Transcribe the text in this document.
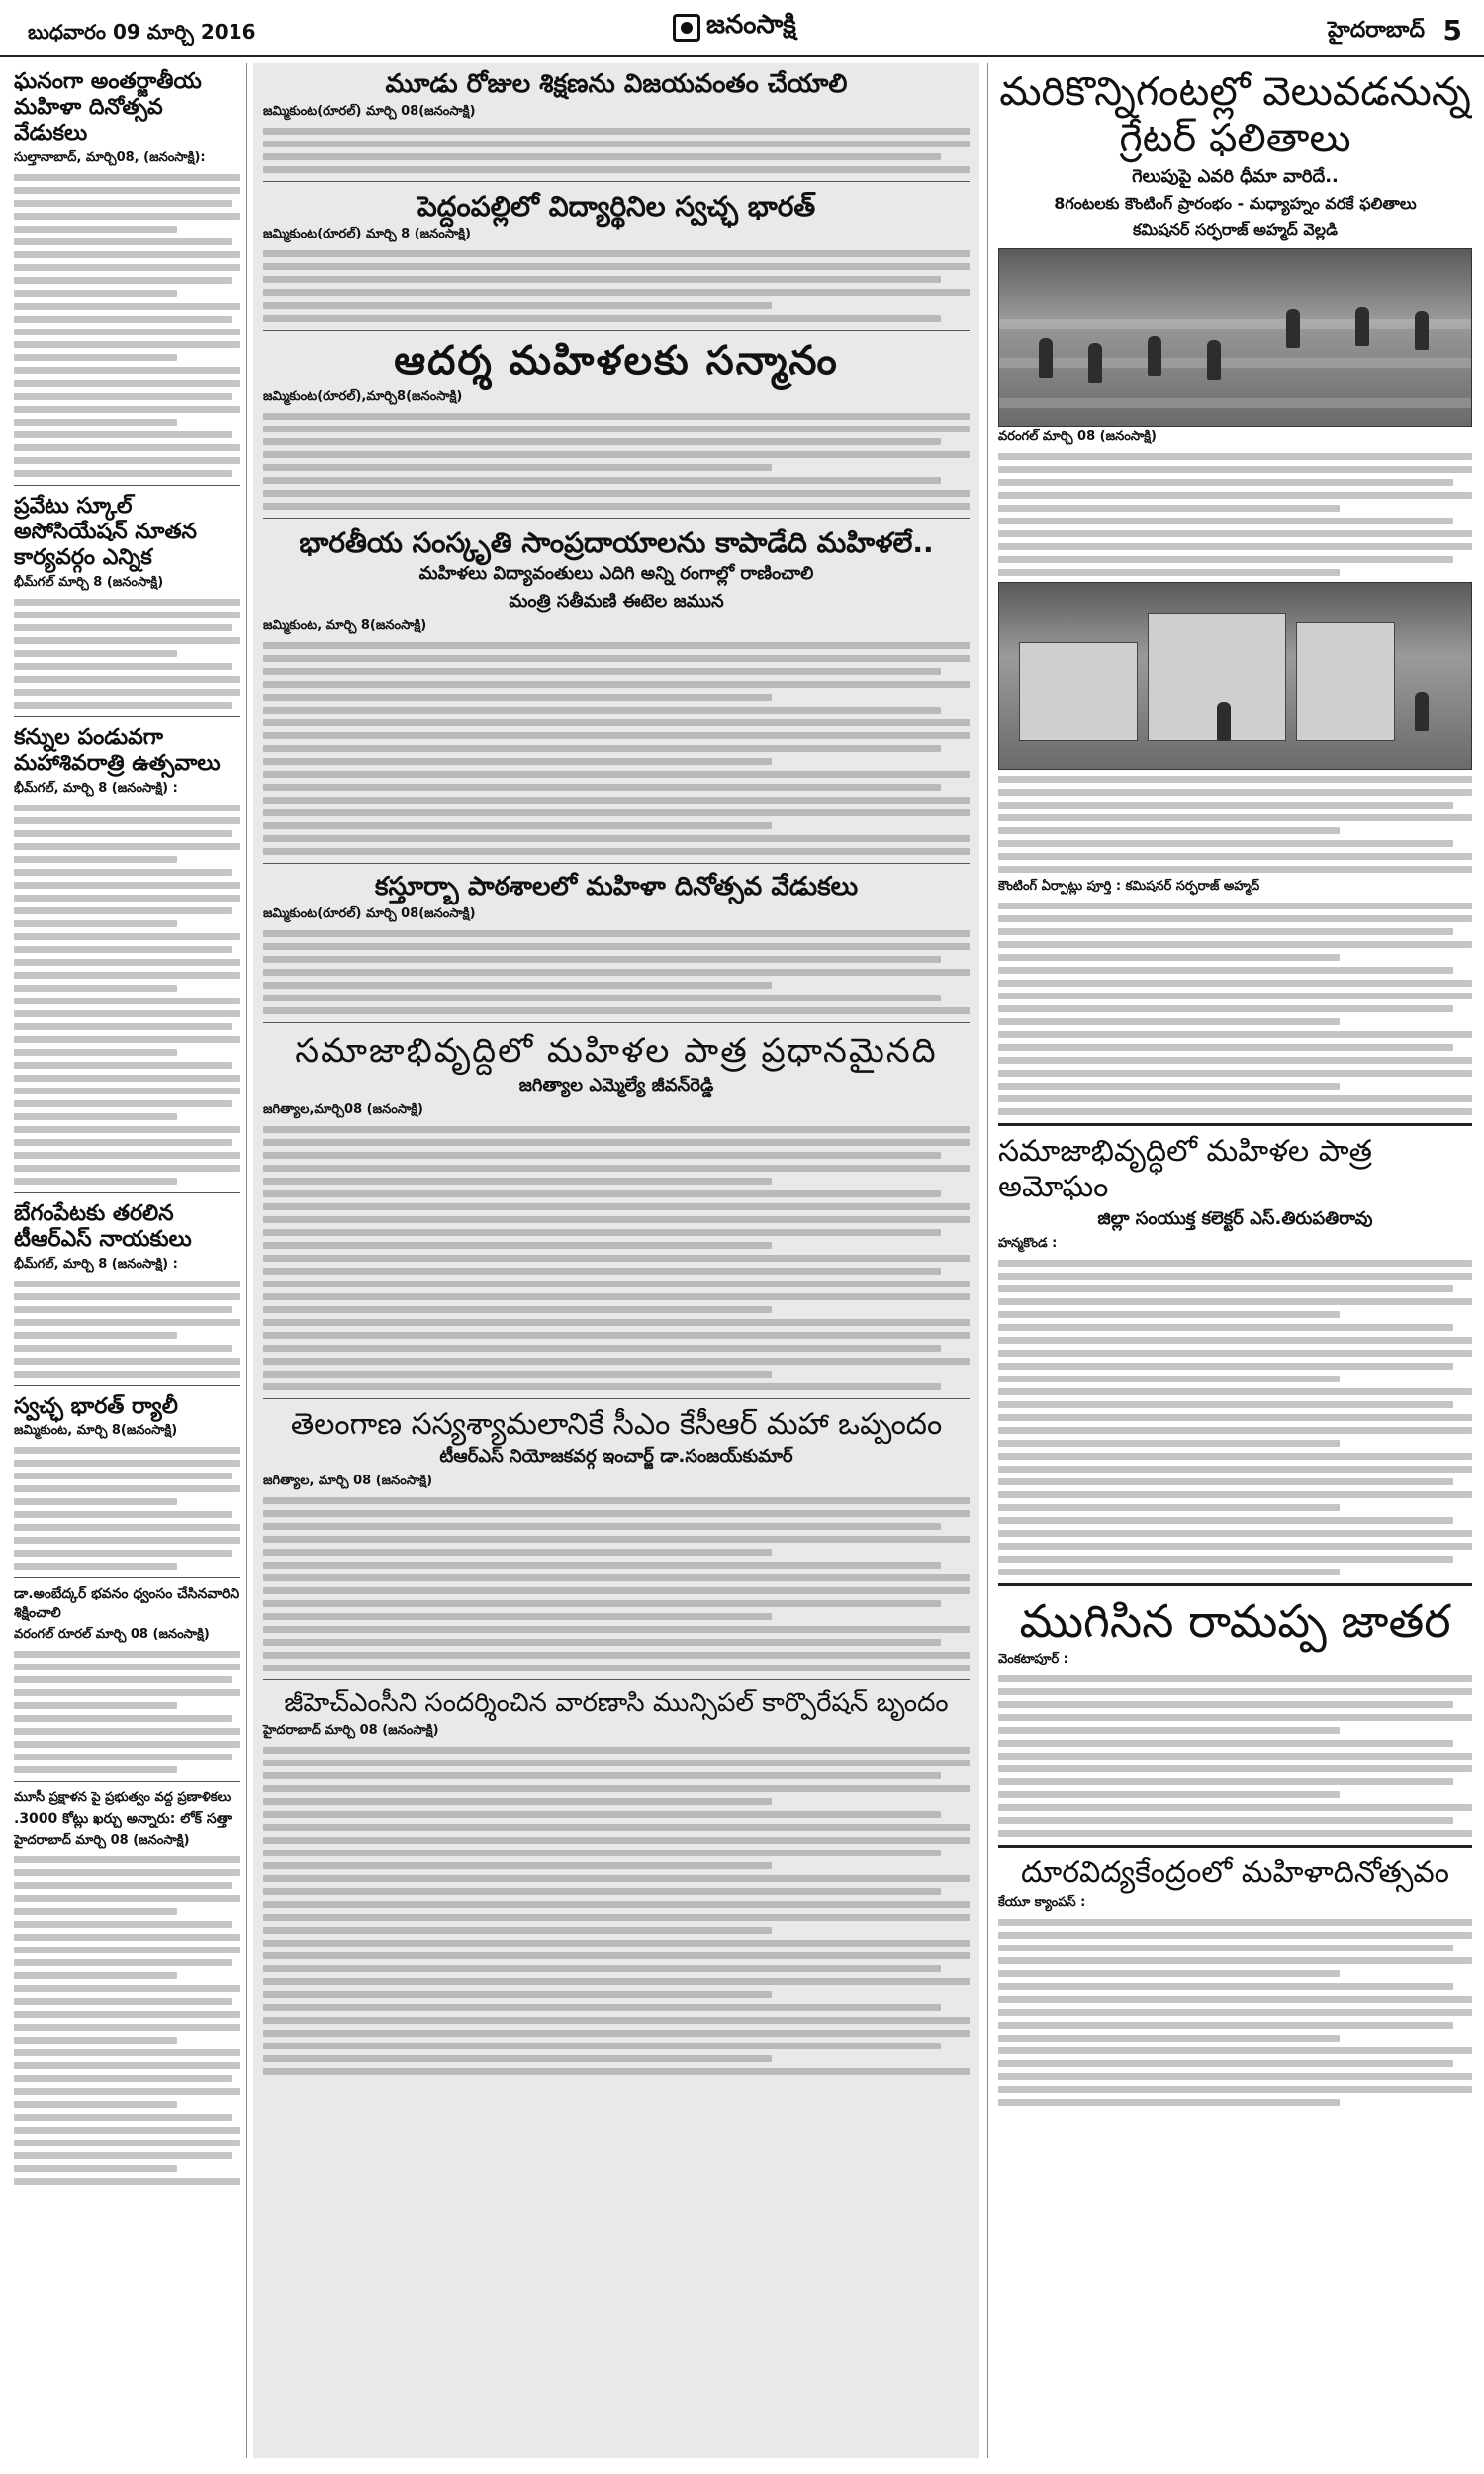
బుధవారం 09 మార్చి 2016	జనంసాక్షి	హైదరాబాద్ 5
ఘనంగా అంతర్జాతీయ మహిళా దినోత్సవ వేడుకలు
సుల్తానాబాద్, మార్చి08, (జనంసాక్షి):
ప్రవేటు స్కూల్ అసోసియేషన్ నూతన కార్యవర్గం ఎన్నిక
భీమ్‌గల్ మార్చి 8 (జనంసాక్షి)
కన్నుల పండువగా మహాశివరాత్రి ఉత్సవాలు
భీమ్‌గల్, మార్చి 8 (జనంసాక్షి) :
బేగంపేటకు తరలిన టీఆర్ఎస్ నాయకులు
భీమ్‌గల్, మార్చి 8 (జనంసాక్షి) :
స్వచ్ఛ భారత్ ర్యాలీ
జమ్మికుంట, మార్చి 8(జనంసాక్షి)
డా.అంబేద్కర్ భవనం ధ్వంసం చేసినవారిని శిక్షించాలి
వరంగల్ రూరల్ మార్చి 08 (జనంసాక్షి)
మూసీ ప్రక్షాళన పై ప్రభుత్వం వద్ద ప్రణాళికలు
.3000 కోట్లు ఖర్చు అన్నారు: లోక్ సత్తా
హైదరాబాద్ మార్చి 08 (జనంసాక్షి)
మూడు రోజుల శిక్షణను విజయవంతం చేయాలి
జమ్మికుంట(రూరల్) మార్చి 08(జనంసాక్షి)
పెద్దంపల్లిలో విద్యార్థినిల స్వచ్ఛ భారత్
జమ్మికుంట(రూరల్) మార్చి 8 (జనంసాక్షి)
ఆదర్శ మహిళలకు సన్మానం
జమ్మికుంట(రూరల్),మార్చి8(జనంసాక్షి)
భారతీయ సంస్కృతి సాంప్రదాయాలను కాపాడేది మహిళలే..
మహిళలు విద్యావంతులు ఎదిగి అన్ని రంగాల్లో రాణించాలి
మంత్రి సతీమణి ఈటెల జమున
జమ్మికుంట, మార్చి 8(జనంసాక్షి)
కస్తూర్బా పాఠశాలలో మహిళా దినోత్సవ వేడుకలు
జమ్మికుంట(రూరల్) మార్చి 08(జనంసాక్షి)
సమాజాభివృద్దిలో మహిళల పాత్ర ప్రధానమైనది
జగిత్యాల ఎమ్మెల్యే జీవన్‌రెడ్డి
జగిత్యాల,మార్చి08 (జనంసాక్షి)
తెలంగాణ సస్యశ్యామలానికే సీఎం కేసీఆర్ మహా ఒప్పందం
టీఆర్ఎస్ నియోజకవర్గ ఇంచార్జ్ డా.సంజయ్‌కుమార్
జగిత్యాల, మార్చి 08 (జనంసాక్షి)
జీహెచ్ఎంసీని సందర్శించిన వారణాసి మున్సిపల్ కార్పొరేషన్ బృందం
హైదరాబాద్ మార్చి 08 (జనంసాక్షి)
మరికొన్నిగంటల్లో వెలువడనున్న గ్రేటర్ ఫలితాలు
గెలుపుపై ఎవరి ధీమా వారిదే..
8గంటలకు కౌంటింగ్ ప్రారంభం - మధ్యాహ్నం వరకే ఫలితాలు
కమిషనర్ సర్ఫరాజ్ అహ్మద్ వెల్లడి
వరంగల్ మార్చి 08 (జనంసాక్షి)
కౌంటింగ్ ఏర్పాట్లు పూర్తి : కమిషనర్ సర్ఫరాజ్ అహ్మద్
సమాజాభివృద్ధిలో మహిళల పాత్ర అమోఘం
జిల్లా సంయుక్త కలెక్టర్ ఎస్.తిరుపతిరావు
హన్మకొండ :
ముగిసిన రామప్ప జాతర
వెంకటాపూర్ :
దూరవిద్యకేంద్రంలో మహిళాదినోత్సవం
కేయూ క్యాంపస్ :
